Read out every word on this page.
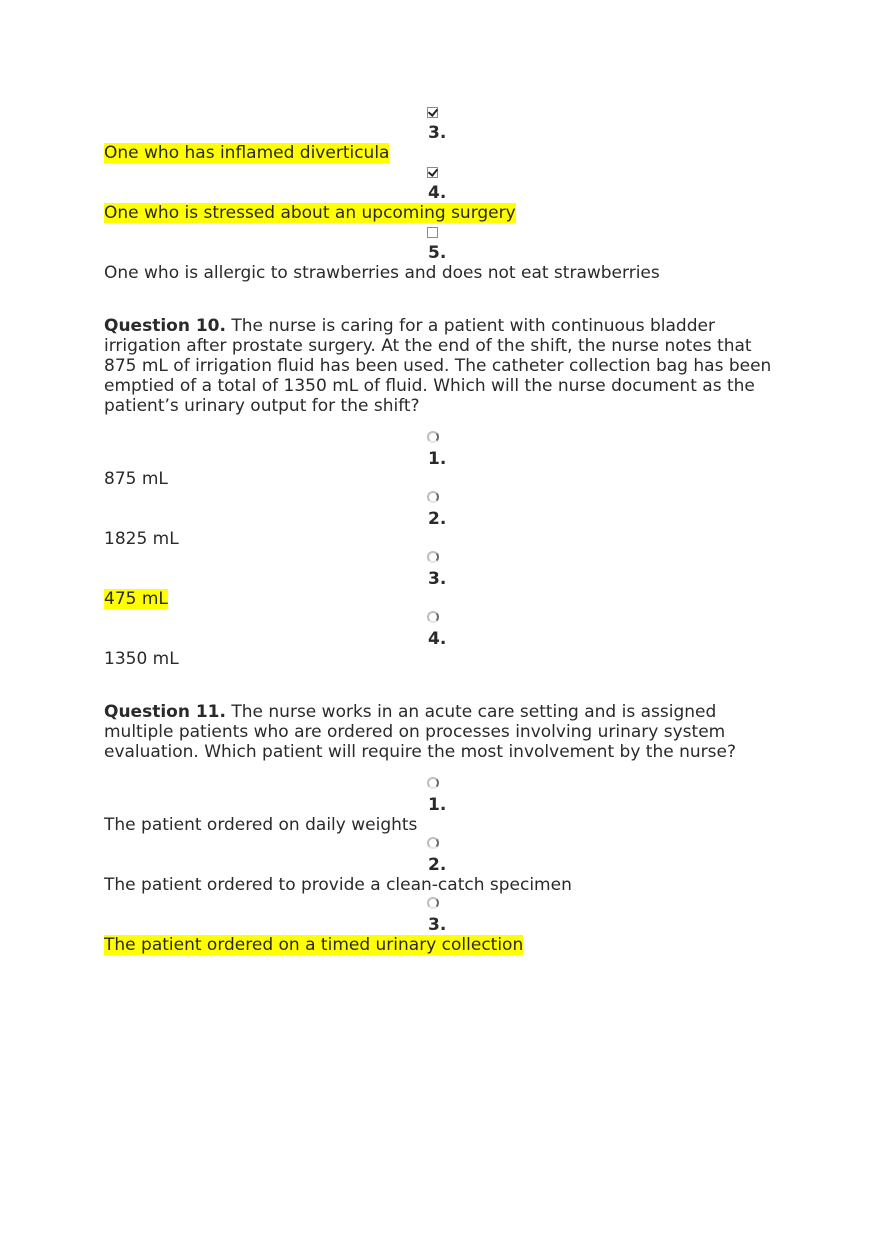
3.
One who has inflamed diverticula
4.
One who is stressed about an upcoming surgery
5.
One who is allergic to strawberries and does not eat strawberries
Question 10. The nurse is caring for a patient with continuous bladder irrigation after prostate surgery. At the end of the shift, the nurse notes that 875 mL of irrigation fluid has been used. The catheter collection bag has been emptied of a total of 1350 mL of fluid. Which will the nurse document as the patient’s urinary output for the shift?
1.
875 mL
2.
1825 mL
3.
475 mL
4.
1350 mL
Question 11. The nurse works in an acute care setting and is assigned multiple patients who are ordered on processes involving urinary system evaluation. Which patient will require the most involvement by the nurse?
1.
The patient ordered on daily weights
2.
The patient ordered to provide a clean-catch specimen
3.
The patient ordered on a timed urinary collection
